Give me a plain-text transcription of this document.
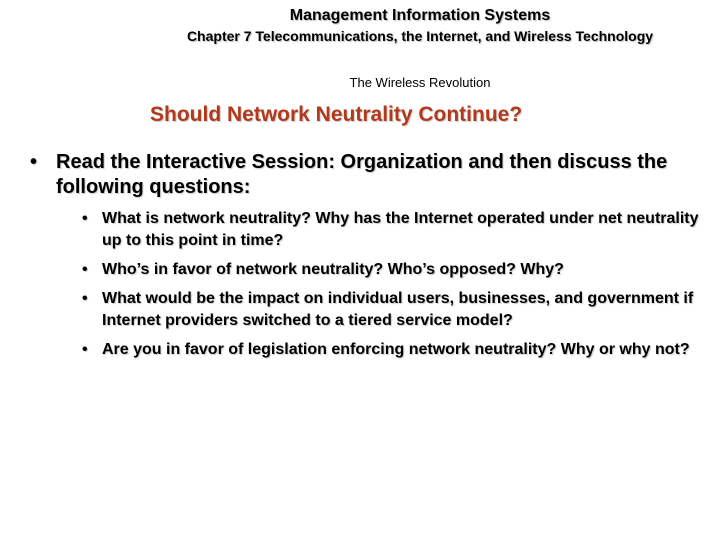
Management Information Systems
Chapter 7 Telecommunications, the Internet, and Wireless Technology
The Wireless Revolution
Should Network Neutrality Continue?
• Read the Interactive Session: Organization and then discuss the following questions:
• What is network neutrality? Why has the Internet operated under net neutrality up to this point in time?
• Who’s in favor of network neutrality? Who’s opposed? Why?
• What would be the impact on individual users, businesses, and government if Internet providers switched to a tiered service model?
• Are you in favor of legislation enforcing network neutrality? Why or why not?
